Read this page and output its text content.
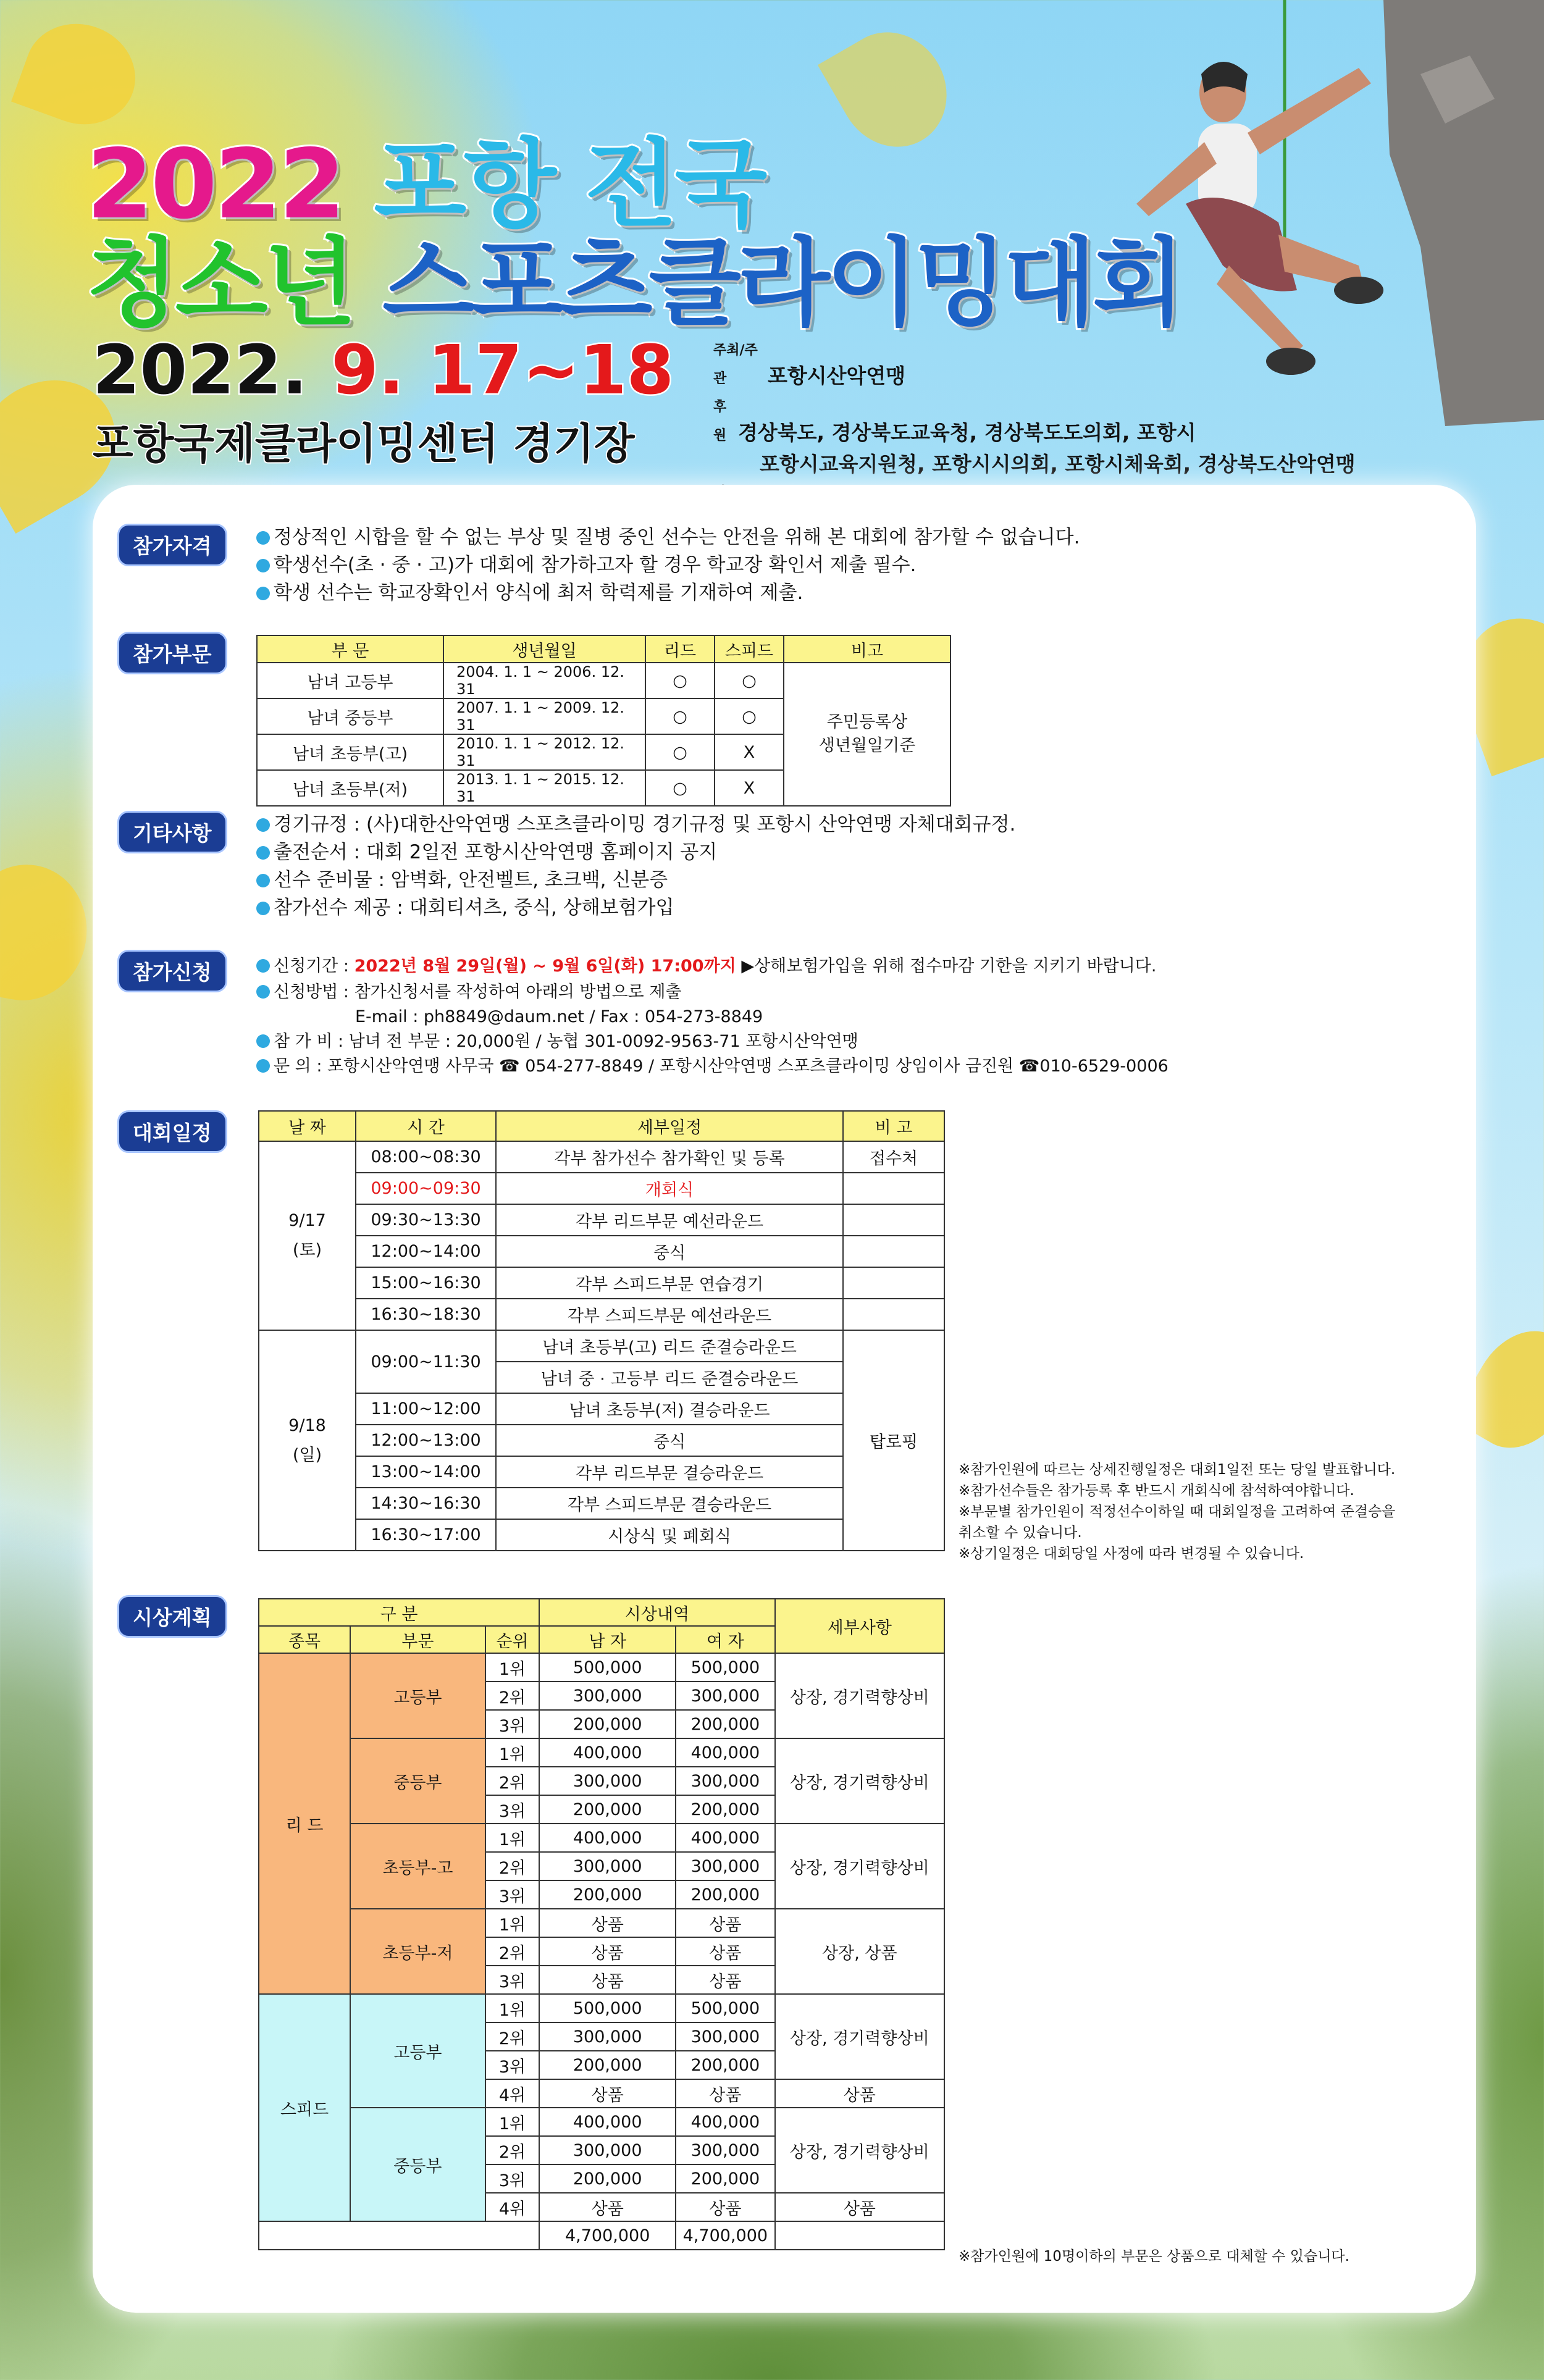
2022 포항 전국
청소년 스포츠클라이밍대회
2022. 9. 17~18
포항국제클라이밍센터 경기장
주최/주관 포항시산악연맹
후원 경상북도, 경상북도교육청, 경상북도도의회, 포항시
포항시교육지원청, 포항시시의회, 포항시체육회, 경상북도산악연맹
참가자격	정상적인 시합을 할 수 없는 부상 및 질병 중인 선수는 안전을 위해 본 대회에 참가할 수 없습니다.
학생선수(초 · 중 · 고)가 대회에 참가하고자 할 경우 학교장 확인서 제출 필수.
학생 선수는 학교장확인서 양식에 최저 학력제를 기재하여 제출.
참가부문	부 문	생년월일	리드	스피드	비고
남녀 고등부	2004. 1. 1 ~ 2006. 12. 31	○	○	주민등록상
생년월일기준
남녀 중등부	2007. 1. 1 ~ 2009. 12. 31	○	○	
남녀 초등부(고)	2010. 1. 1 ~ 2012. 12. 31	○	X	
남녀 초등부(저)	2013. 1. 1 ~ 2015. 12. 31	○	X	
기타사항	경기규정 : (사)대한산악연맹 스포츠클라이밍 경기규정 및 포항시 산악연맹 자체대회규정.
출전순서 : 대회 2일전 포항시산악연맹 홈페이지 공지
선수 준비물 : 암벽화, 안전벨트, 초크백, 신분증
참가선수 제공 : 대회티셔츠, 중식, 상해보험가입
참가신청	신청기간 : 2022년 8월 29일(월) ~ 9월 6일(화) 17:00까지 ▶상해보험가입을 위해 접수마감 기한을 지키기 바랍니다.
신청방법 : 참가신청서를 작성하여 아래의 방법으로 제출
E-mail : ph8849@daum.net / Fax : 054-273-8849
참 가 비 : 남녀 전 부문 : 20,000원 / 농협 301-0092-9563-71 포항시산악연맹
문 의 : 포항시산악연맹 사무국 ☎ 054-277-8849 / 포항시산악연맹 스포츠클라이밍 상임이사 금진원 ☎010-6529-0006
대회일정	날 짜	시 간	세부일정	비 고
9/17
(토)	08:00~08:30	각부 참가선수 참가확인 및 등록	접수처
	09:00~09:30	개회식	
	09:30~13:30	각부 리드부문 예선라운드	
	12:00~14:00	중식	
	15:00~16:30	각부 스피드부문 연습경기	
	16:30~18:30	각부 스피드부문 예선라운드	
9/18
(일)	09:00~11:30	남녀 초등부(고) 리드 준결승라운드	탑로핑
		남녀 중 · 고등부 리드 준결승라운드	
	11:00~12:00	남녀 초등부(저) 결승라운드	
	12:00~13:00	중식	
	13:00~14:00	각부 리드부문 결승라운드	
	14:30~16:30	각부 스피드부문 결승라운드	
	16:30~17:00	시상식 및 폐회식	
※참가인원에 따르는 상세진행일정은 대회1일전 또는 당일 발표합니다.
※참가선수들은 참가등록 후 반드시 개회식에 참석하여야합니다.
※부문별 참가인원이 적정선수이하일 때 대회일정을 고려하여 준결승을
취소할 수 있습니다.
※상기일정은 대회당일 사정에 따라 변경될 수 있습니다.
시상계획	구 분			시상내역		세부사항
종목	부문	순위	남 자	여 자	
리 드	고등부	1위	500,000	500,000	상장, 경기력향상비
		2위	300,000	300,000	
		3위	200,000	200,000	
	중등부	1위	400,000	400,000	상장, 경기력향상비
		2위	300,000	300,000	
		3위	200,000	200,000	
	초등부-고	1위	400,000	400,000	상장, 경기력향상비
		2위	300,000	300,000	
		3위	200,000	200,000	
	초등부-저	1위	상품	상품	상장, 상품
		2위	상품	상품	
		3위	상품	상품	
스피드	고등부	1위	500,000	500,000	상장, 경기력향상비
		2위	300,000	300,000	
		3위	200,000	200,000	
		4위	상품	상품	상품
	중등부	1위	400,000	400,000	상장, 경기력향상비
		2위	300,000	300,000	
		3위	200,000	200,000	
		4위	상품	상품	상품
			4,700,000	4,700,000	
※참가인원에 10명이하의 부문은 상품으로 대체할 수 있습니다.
